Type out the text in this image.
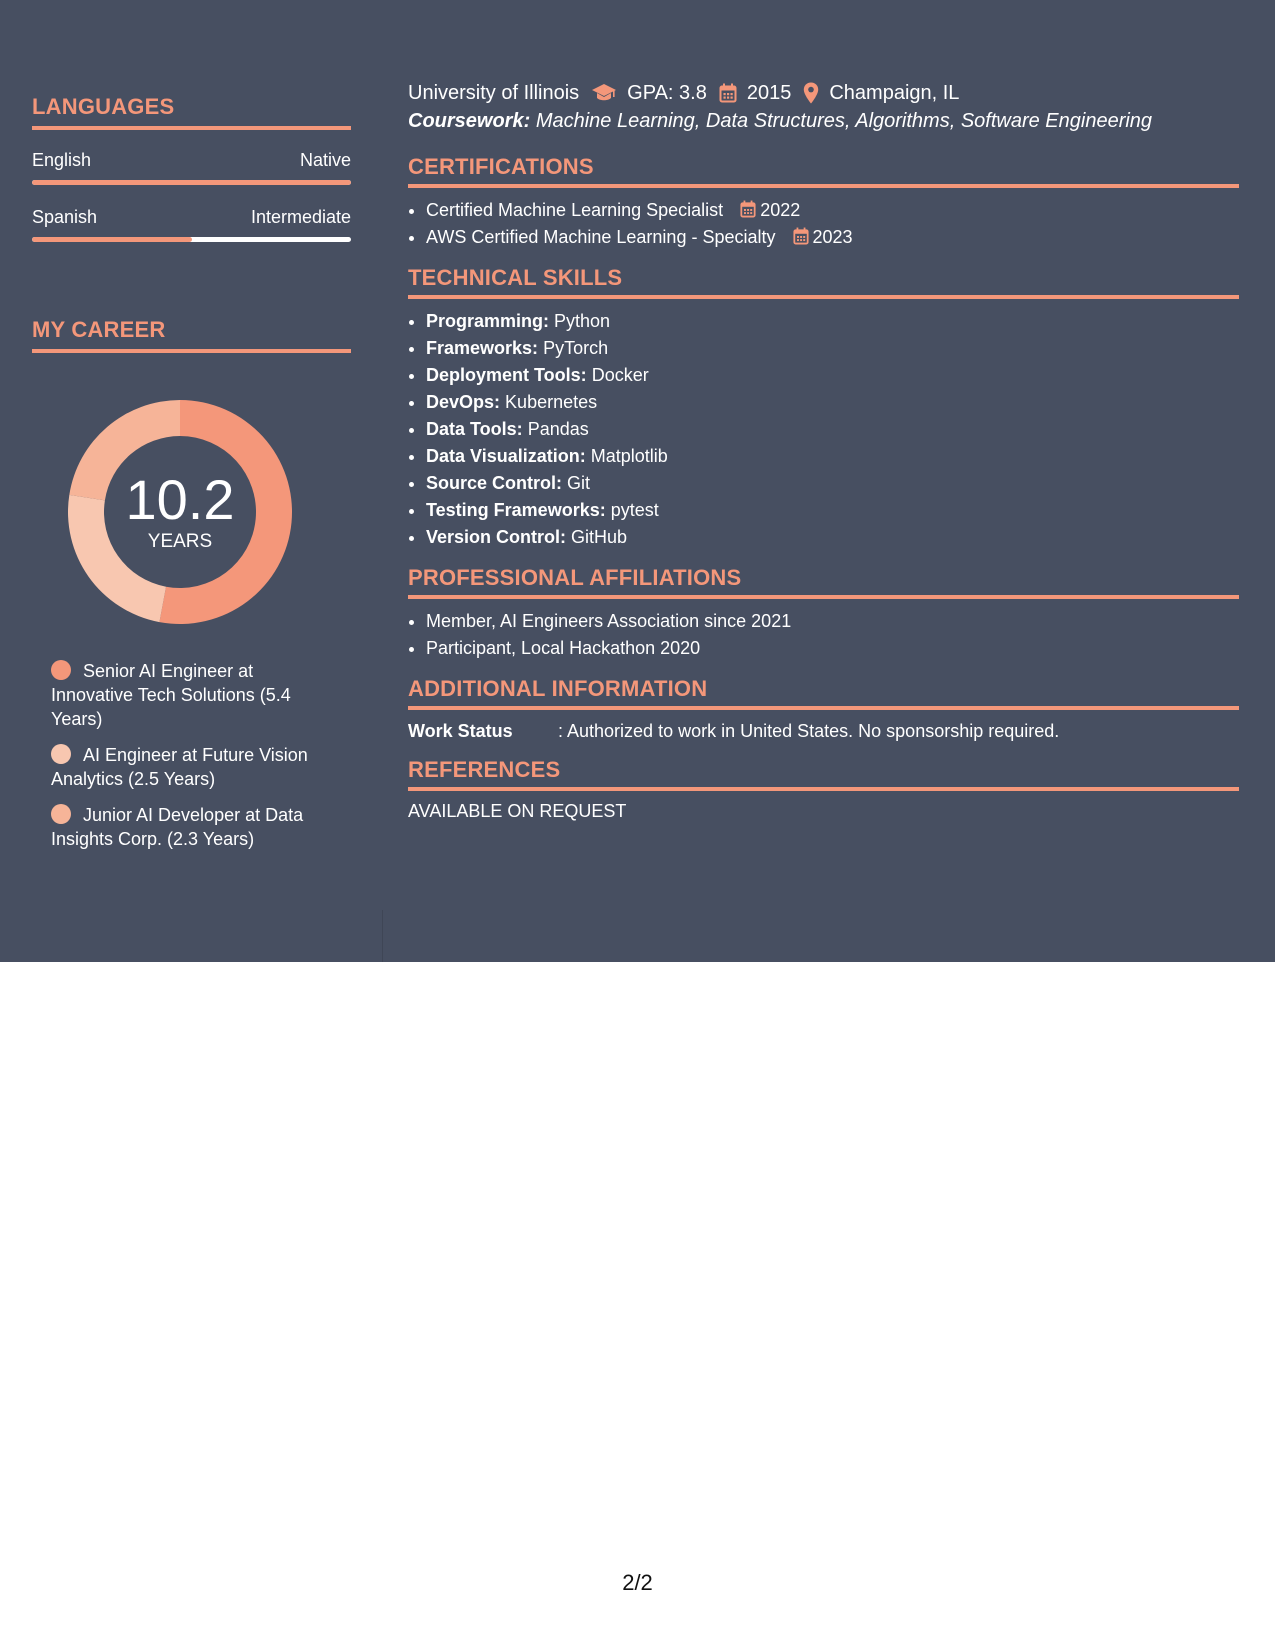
LANGUAGES
English	Native
Spanish	Intermediate
MY CAREER
10.2
YEARS
Senior AI Engineer at Innovative Tech Solutions (5.4 Years)
AI Engineer at Future Vision Analytics (2.5 Years)
Junior AI Developer at Data Insights Corp. (2.3 Years)
University of Illinois GPA: 3.8 2015 Champaign, IL
Coursework: Machine Learning, Data Structures, Algorithms, Software Engineering
CERTIFICATIONS
• Certified Machine Learning Specialist 2022
• AWS Certified Machine Learning - Specialty 2023
TECHNICAL SKILLS
• Programming: Python
• Frameworks: PyTorch
• Deployment Tools: Docker
• DevOps: Kubernetes
• Data Tools: Pandas
• Data Visualization: Matplotlib
• Source Control: Git
• Testing Frameworks: pytest
• Version Control: GitHub
PROFESSIONAL AFFILIATIONS
• Member, AI Engineers Association since 2021
• Participant, Local Hackathon 2020
ADDITIONAL INFORMATION
Work Status	: Authorized to work in United States. No sponsorship required.
REFERENCES
AVAILABLE ON REQUEST
2/2
